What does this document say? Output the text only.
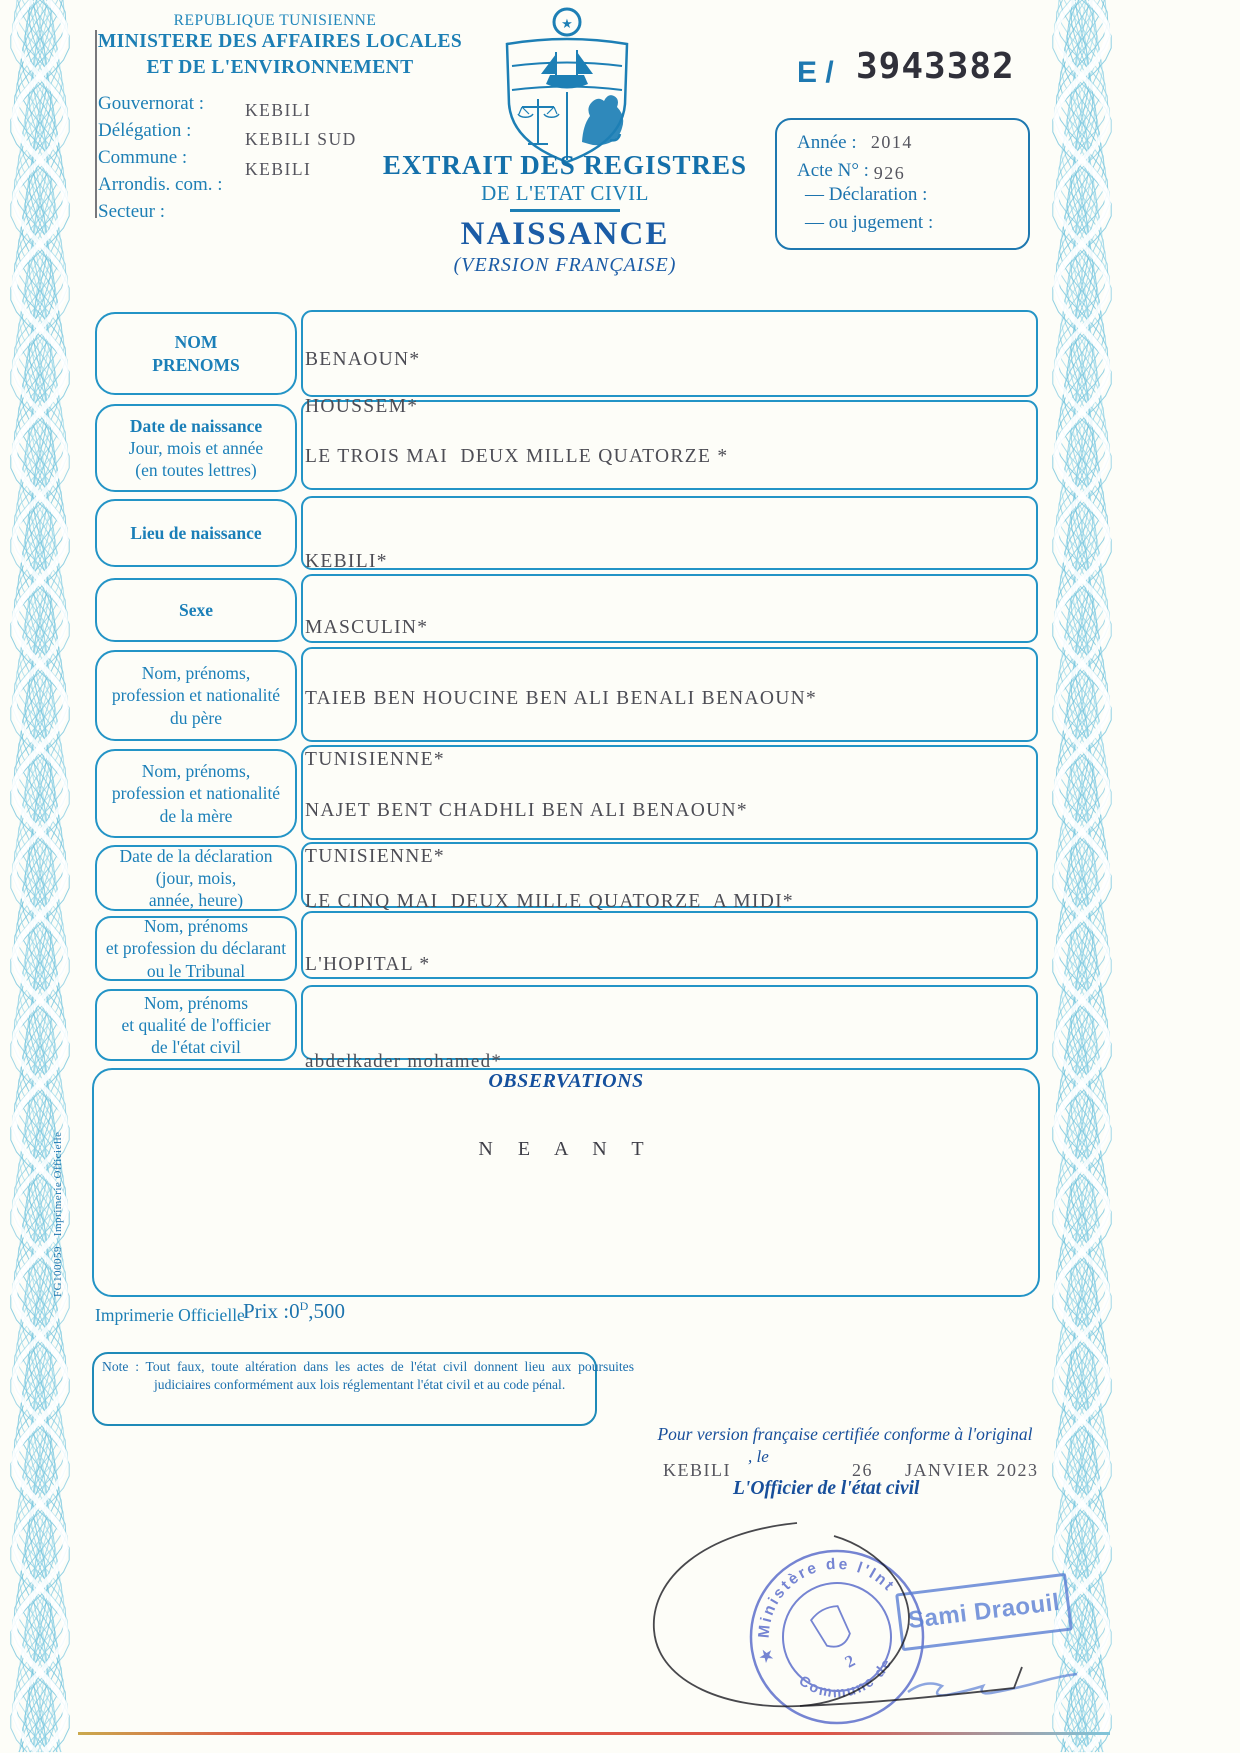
REPUBLIQUE TUNISIENNE
MINISTERE DES AFFAIRES LOCALES
ET DE L'ENVIRONNEMENT
Gouvernorat :
Délégation :
Commune :
Arrondis. com. :
Secteur :
KEBILI
KEBILI SUD
KEBILI
★
EXTRAIT DES REGISTRES
DE L'ETAT CIVIL
NAISSANCE
(VERSION FRANÇAISE)
E / 3943382
Année : 2014
Acte N° : 926
— Déclaration :
— ou jugement :
NOM
PRENOMS
Date de naissance
Jour, mois et année
(en toutes lettres)
Lieu de naissance
Sexe
Nom, prénoms,
profession et nationalité
du père
Nom, prénoms,
profession et nationalité
de la mère
Date de la déclaration
(jour, mois,
année, heure)
Nom, prénoms
et profession du déclarant
ou le Tribunal
Nom, prénoms
et qualité de l'officier
de l'état civil
BENAOUN*
HOUSSEM*
LE TROIS MAI  DEUX MILLE QUATORZE *
KEBILI*
MASCULIN*
TAIEB BEN HOUCINE BEN ALI BENALI BENAOUN*
TUNISIENNE*
NAJET BENT CHADHLI BEN ALI BENAOUN*
TUNISIENNE*
LE CINQ MAI  DEUX MILLE QUATORZE  A MIDI*
L'HOPITAL *
abdelkader mohamed*
OBSERVATIONS
N E A N T
Imprimerie Officielle
Prix $:0^D,500$
Note : Tout faux, toute altération dans les actes de l'état civil donnent lieu aux poursuites judiciaires conformément aux lois réglementant l'état civil et au code pénal.
FG100059   Imprimerie Officielle
Pour version française certifiée conforme à l'original
, le
KEBILI	26 JANVIER 2023
L'Officier de l'état civil
★ Ministère de l'Int
Commune de
2
Sami Draouil
